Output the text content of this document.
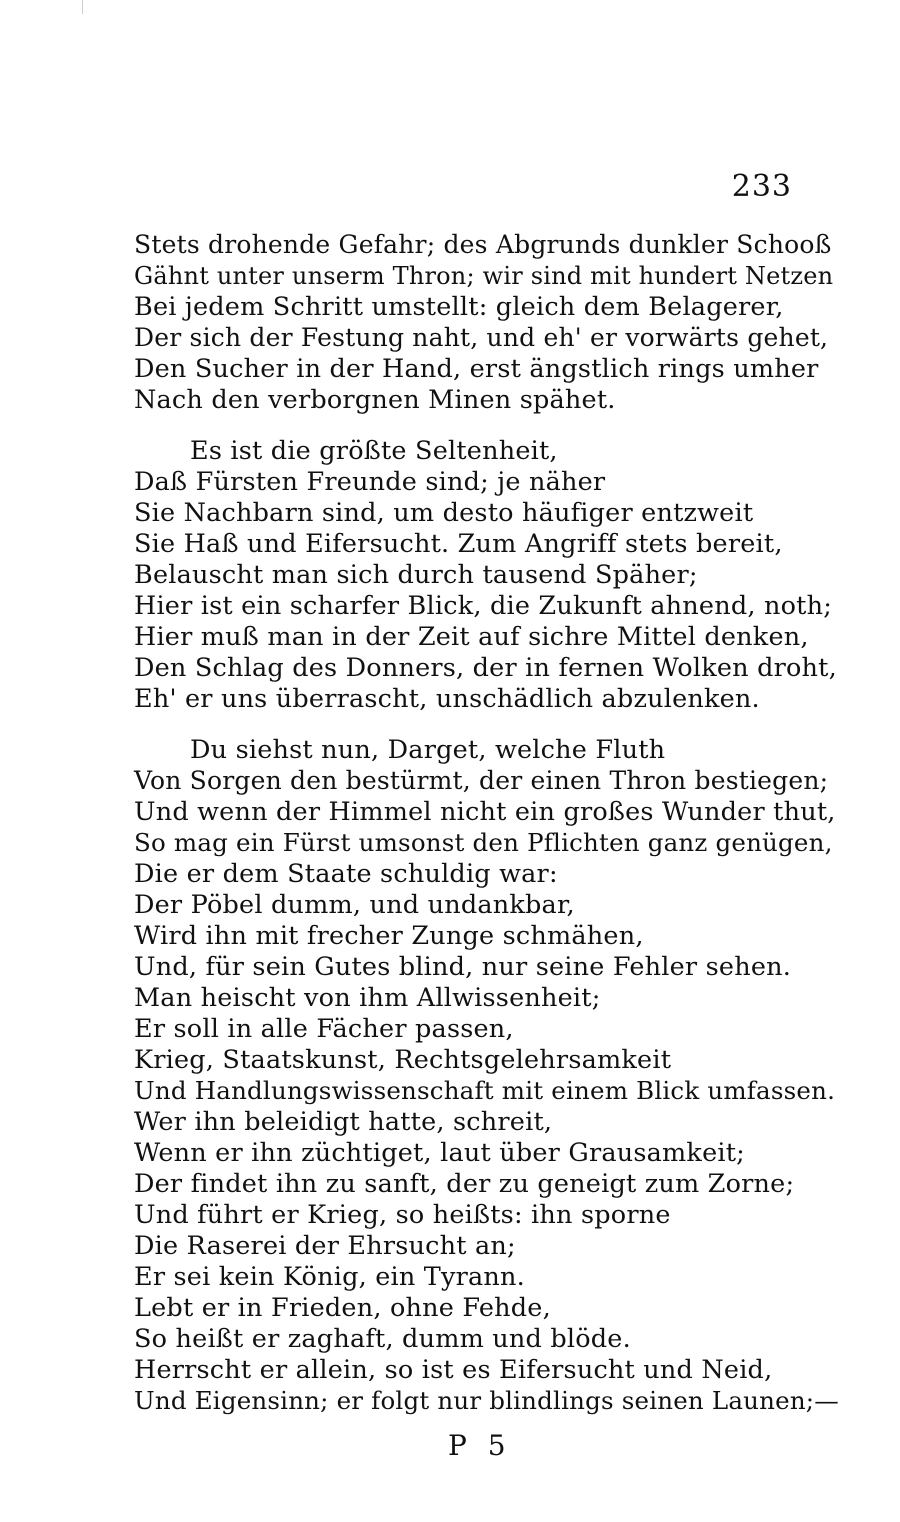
233
Stets drohende Gefahr; des Abgrunds dunkler Schooß
Gähnt unter unserm Thron; wir sind mit hundert Netzen
Bei jedem Schritt umstellt: gleich dem Belagerer,
Der sich der Festung naht, und eh' er vorwärts gehet,
Den Sucher in der Hand, erst ängstlich rings umher
Nach den verborgnen Minen spähet.
Es ist die größte Seltenheit,
Daß Fürsten Freunde sind; je näher
Sie Nachbarn sind, um desto häufiger entzweit
Sie Haß und Eifersucht. Zum Angriff stets bereit,
Belauscht man sich durch tausend Späher;
Hier ist ein scharfer Blick, die Zukunft ahnend, noth;
Hier muß man in der Zeit auf sichre Mittel denken,
Den Schlag des Donners, der in fernen Wolken droht,
Eh' er uns überrascht, unschädlich abzulenken.
Du siehst nun, Darget, welche Fluth
Von Sorgen den bestürmt, der einen Thron bestiegen;
Und wenn der Himmel nicht ein großes Wunder thut,
So mag ein Fürst umsonst den Pflichten ganz genügen,
Die er dem Staate schuldig war:
Der Pöbel dumm, und undankbar,
Wird ihn mit frecher Zunge schmähen,
Und, für sein Gutes blind, nur seine Fehler sehen.
Man heischt von ihm Allwissenheit;
Er soll in alle Fächer passen,
Krieg, Staatskunst, Rechtsgelehrsamkeit
Und Handlungswissenschaft mit einem Blick umfassen.
Wer ihn beleidigt hatte, schreit,
Wenn er ihn züchtiget, laut über Grausamkeit;
Der findet ihn zu sanft, der zu geneigt zum Zorne;
Und führt er Krieg, so heißts: ihn sporne
Die Raserei der Ehrsucht an;
Er sei kein König, ein Tyrann.
Lebt er in Frieden, ohne Fehde,
So heißt er zaghaft, dumm und blöde.
Herrscht er allein, so ist es Eifersucht und Neid,
Und Eigensinn; er folgt nur blindlings seinen Launen;—
P 5
